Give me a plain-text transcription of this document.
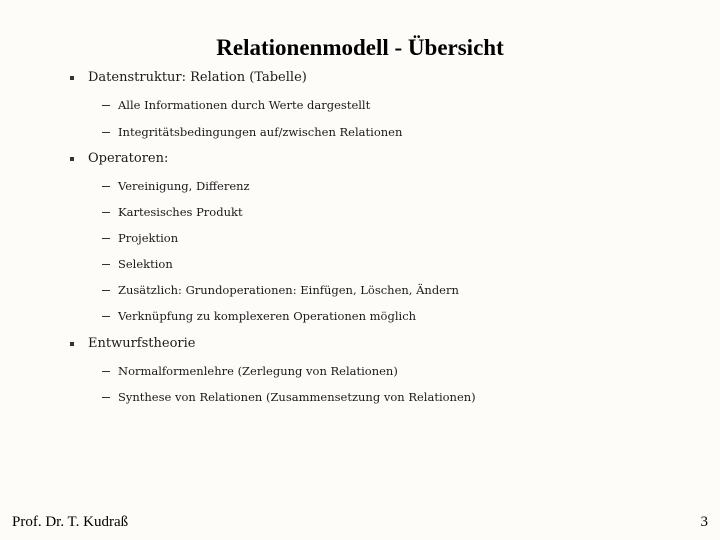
Relationenmodell - Übersicht
Datenstruktur: Relation (Tabelle)
Alle Informationen durch Werte dargestellt
Integritätsbedingungen auf/zwischen Relationen
Operatoren:
Vereinigung, Differenz
Kartesisches Produkt
Projektion
Selektion
Zusätzlich: Grundoperationen: Einfügen, Löschen, Ändern
Verknüpfung zu komplexeren Operationen möglich
Entwurfstheorie
Normalformenlehre (Zerlegung von Relationen)
Synthese von Relationen (Zusammensetzung von Relationen)
Prof. Dr. T. Kudraß	3
